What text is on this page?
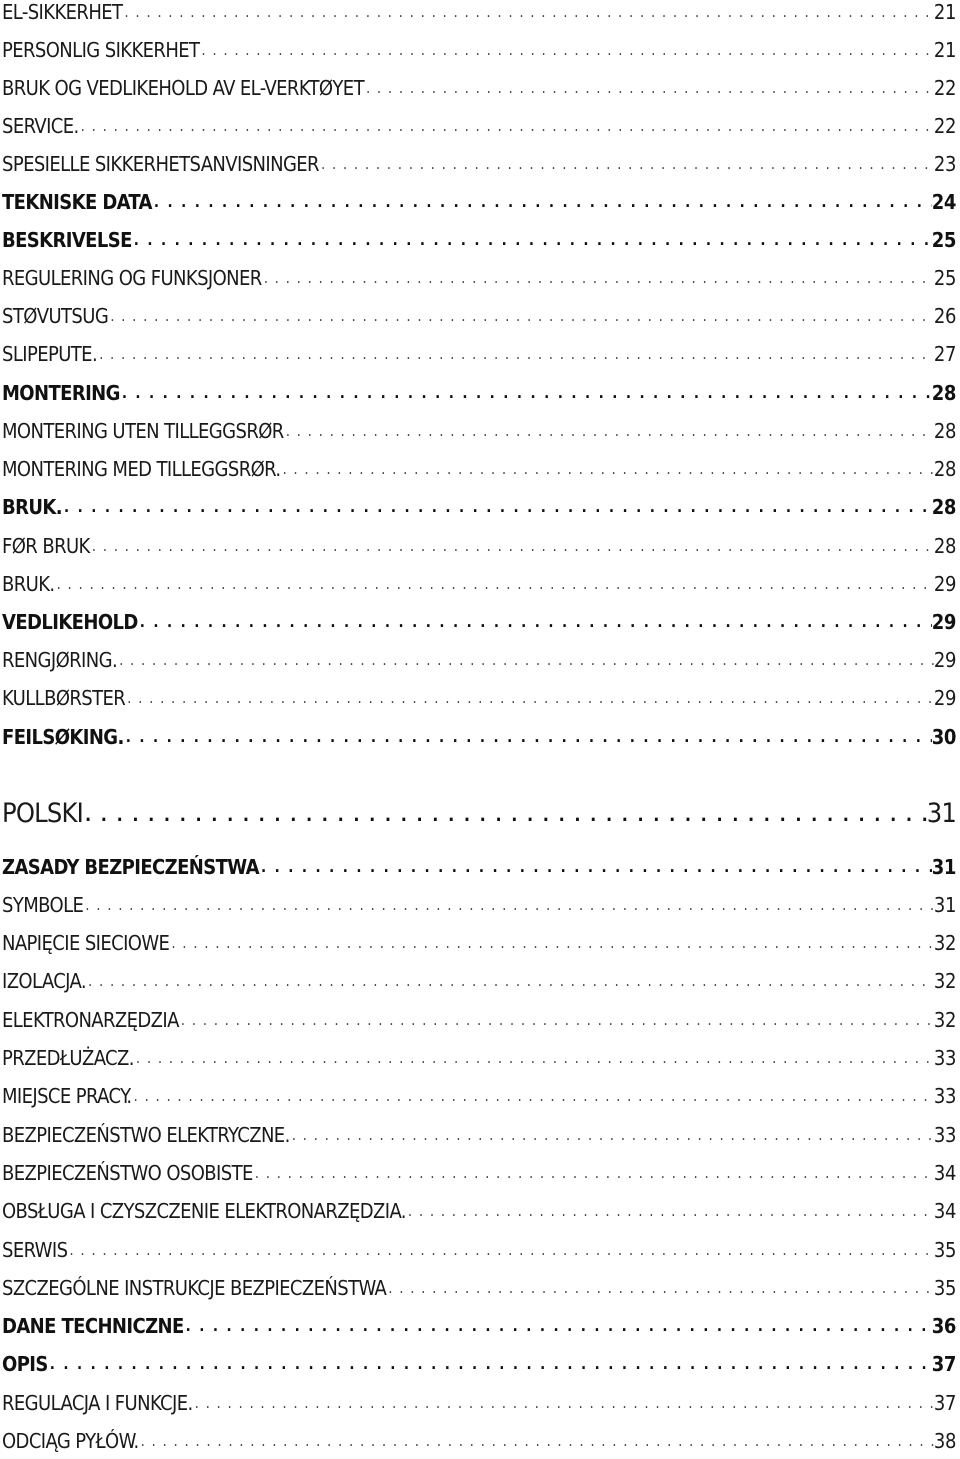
EL-SIKKERHET . . .	21
PERSONLIG SIKKERHET . . .	21
BRUK OG VEDLIKEHOLD AV EL-VERKTØYET . . .	22
SERVICE. . . .	22
SPESIELLE SIKKERHETSANVISNINGER . . .	23
TEKNISKE DATA . . .	24
BESKRIVELSE . . .	25
REGULERING OG FUNKSJONER . . .	25
STØVUTSUG . . .	26
SLIPEPUTE. . . .	27
MONTERING . . .	28
MONTERING UTEN TILLEGGSRØR . . .	28
MONTERING MED TILLEGGSRØR. . . .	28
BRUK. . . .	28
FØR BRUK . . .	28
BRUK. . . .	29
VEDLIKEHOLD . . .	29
RENGJØRING. . . .	29
KULLBØRSTER . . .	29
FEILSØKING. . . .	30
POLSKI . . .	31
ZASADY BEZPIECZEŃSTWA . . .	31
SYMBOLE . . .	31
NAPIĘCIE SIECIOWE . . .	32
IZOLACJA. . . .	32
ELEKTRONARZĘDZIA . . .	32
PRZEDŁUŻACZ. . . .	33
MIEJSCE PRACY. . . .	33
BEZPIECZEŃSTWO ELEKTRYCZNE. . . .	33
BEZPIECZEŃSTWO OSOBISTE . . .	34
OBSŁUGA I CZYSZCZENIE ELEKTRONARZĘDZIA. . . .	34
SERWIS . . .	35
SZCZEGÓLNE INSTRUKCJE BEZPIECZEŃSTWA . . .	35
DANE TECHNICZNE . . .	36
OPIS . . .	37
REGULACJA I FUNKCJE. . . .	37
ODCIĄG PYŁÓW. . . .	38
